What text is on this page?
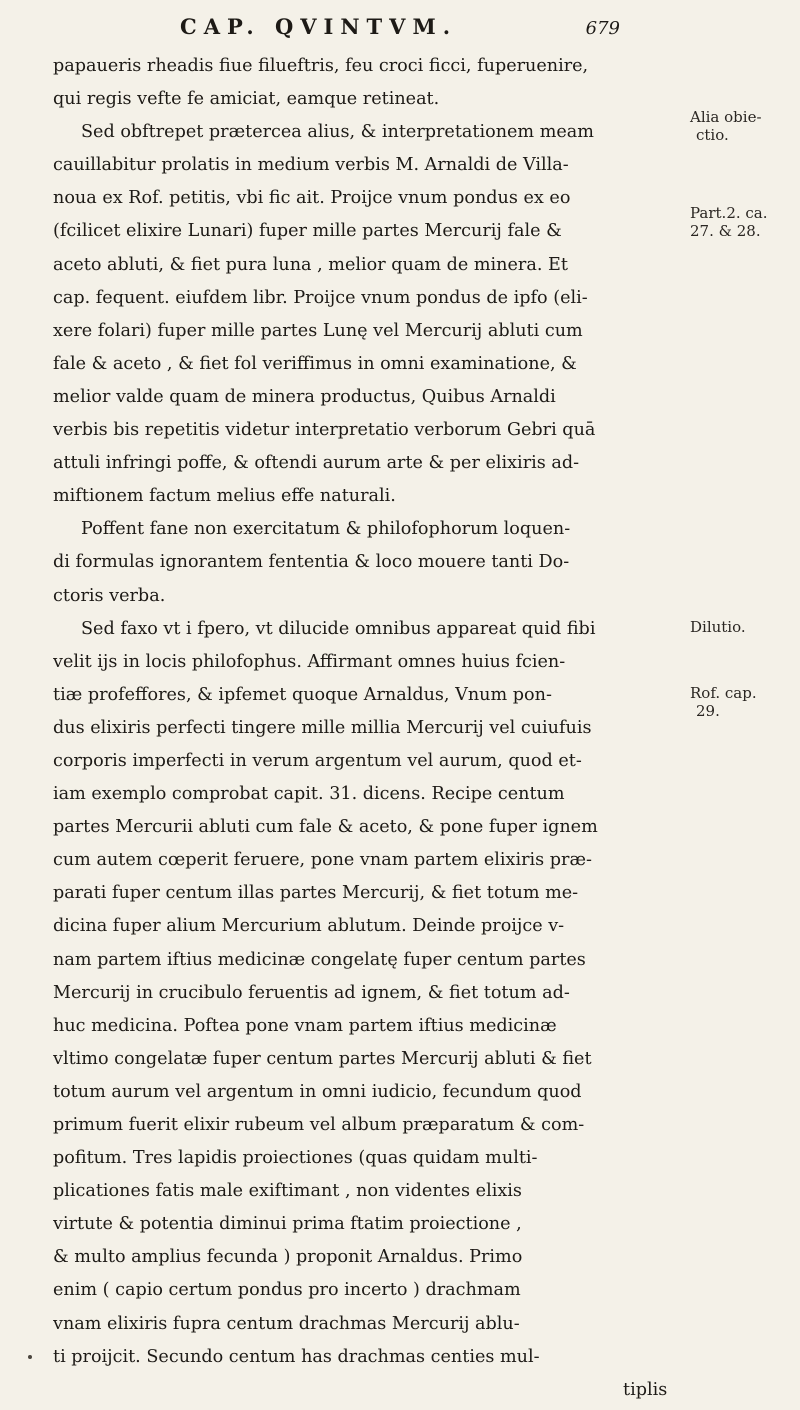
CAP. QVINTVM.	679
papaueris rheadis fiue filueftris, feu croci ficci, fuperuenire,
qui regis vefte fe amiciat, eamque retineat.
Sed obftrepet prætercea alius, & interpretationem meam
cauillabitur prolatis in medium verbis M. Arnaldi de Villa-
noua ex Rof. petitis, vbi fic ait. Proijce vnum pondus ex eo
(fcilicet elixire Lunari) fuper mille partes Mercurij fale &
aceto abluti, & fiet pura luna , melior quam de minera. Et
cap. fequent. eiufdem libr. Proijce vnum pondus de ipfo (eli-
xere folari) fuper mille partes Lunę vel Mercurij abluti cum
fale & aceto , & fiet fol veriffimus in omni examinatione, &
melior valde quam de minera productus, Quibus Arnaldi
verbis bis repetitis videtur interpretatio verborum Gebri quā
attuli infringi poffe, & oftendi aurum arte & per elixiris ad-
miftionem factum melius effe naturali.
Poffent fane non exercitatum & philofophorum loquen-
di formulas ignorantem fententia & loco mouere tanti Do-
ctoris verba.
Sed faxo vt i fpero, vt dilucide omnibus appareat quid fibi
velit ijs in locis philofophus. Affirmant omnes huius fcien-
tiæ profeffores, & ipfemet quoque Arnaldus, Vnum pon-
dus elixiris perfecti tingere mille millia Mercurij vel cuiufuis
corporis imperfecti in verum argentum vel aurum, quod et-
iam exemplo comprobat capit. 31. dicens. Recipe centum
partes Mercurii abluti cum fale & aceto, & pone fuper ignem
cum autem cœperit feruere, pone vnam partem elixiris præ-
parati fuper centum illas partes Mercurij, & fiet totum me-
dicina fuper alium Mercurium ablutum. Deinde proijce v-
nam partem iftius medicinæ congelatę fuper centum partes
Mercurij in crucibulo feruentis ad ignem, & fiet totum ad-
huc medicina. Poftea pone vnam partem iftius medicinæ
vltimo congelatæ fuper centum partes Mercurij abluti & fiet
totum aurum vel argentum in omni iudicio, fecundum quod
primum fuerit elixir rubeum vel album præparatum & com-
pofitum. Tres lapidis proiectiones (quas quidam multi-
plicationes fatis male exiftimant , non videntes elixis
virtute & potentia diminui prima ftatim proiectione ,
& multo amplius fecunda ) proponit Arnaldus. Primo
enim ( capio certum pondus pro incerto ) drachmam
vnam elixiris fupra centum drachmas Mercurij ablu-
ti proijcit. Secundo centum has drachmas centies mul-
tiplis
Alia obie-
ctio.
Part.2. ca.
27. & 28.
Dilutio.
Rof. cap.
29.
